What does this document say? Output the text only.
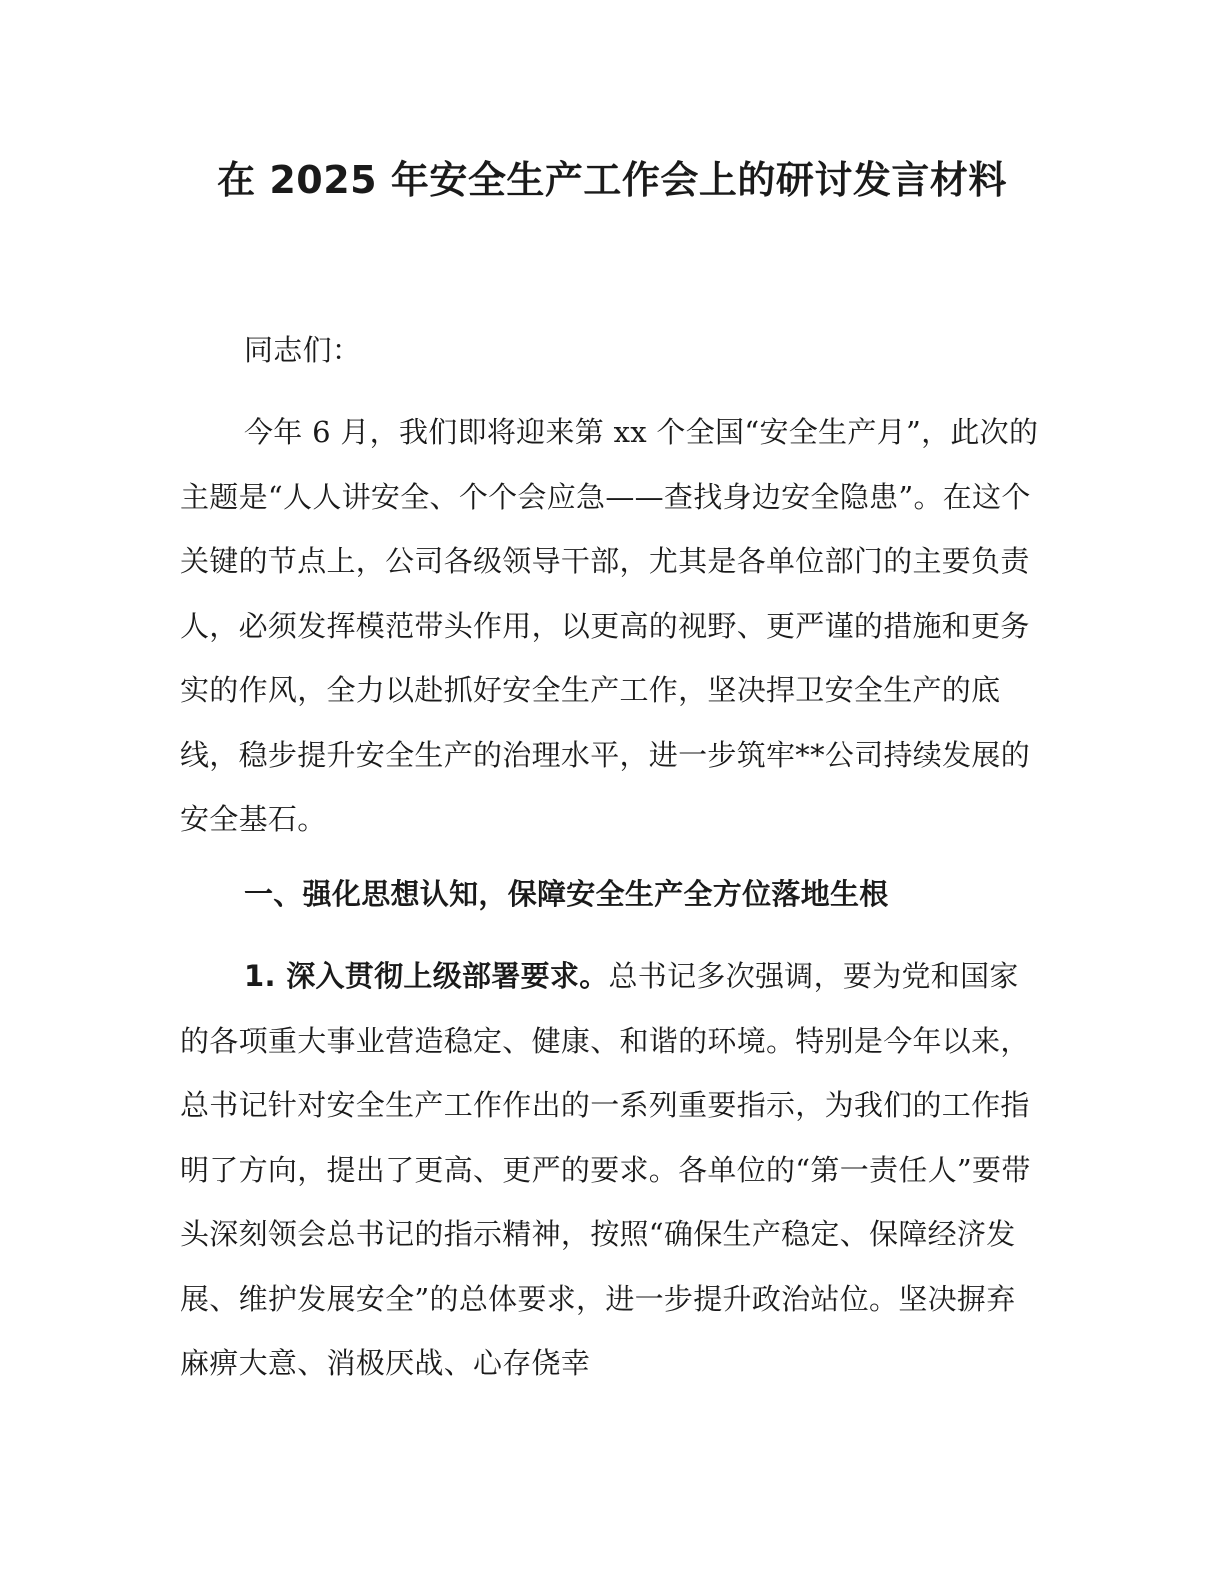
在 2025 年安全生产工作会上的研讨发言材料

同志们：

今年 6 月，我们即将迎来第 xx 个全国“安全生产月”，此次的主题是“人人讲安全、个个会应急——查找身边安全隐患”。在这个关键的节点上，公司各级领导干部，尤其是各单位部门的主要负责人，必须发挥模范带头作用，以更高的视野、更严谨的措施和更务实的作风，全力以赴抓好安全生产工作，坚决捍卫安全生产的底线，稳步提升安全生产的治理水平，进一步筑牢**公司持续发展的安全基石。

一、强化思想认知，保障安全生产全方位落地生根

1. 深入贯彻上级部署要求。总书记多次强调，要为党和国家的各项重大事业营造稳定、健康、和谐的环境。特别是今年以来，总书记针对安全生产工作作出的一系列重要指示，为我们的工作指明了方向，提出了更高、更严的要求。各单位的“第一责任人”要带头深刻领会总书记的指示精神，按照“确保生产稳定、保障经济发展、维护发展安全”的总体要求，进一步提升政治站位。坚决摒弃麻痹大意、消极厌战、心存侥幸
